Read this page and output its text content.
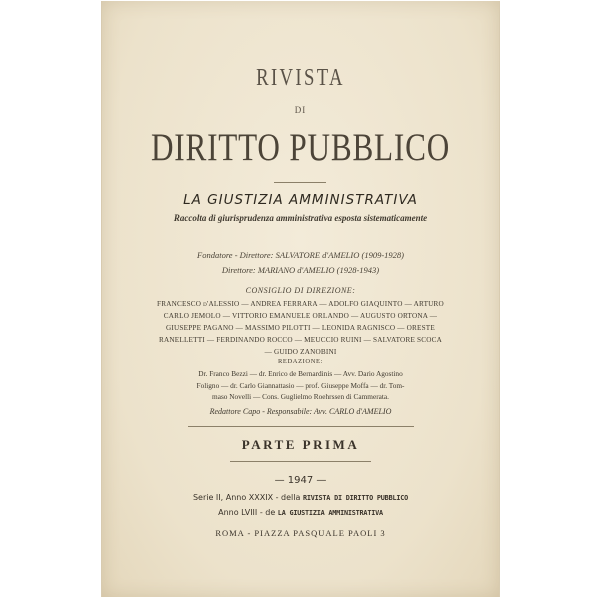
RIVISTA
DI
DIRITTO PUBBLICO
LA GIUSTIZIA AMMINISTRATIVA
Raccolta di giurisprudenza amministrativa esposta sistematicamente
Fondatore - Direttore: SALVATORE d'AMELIO (1909-1928)
Direttore: MARIANO d'AMELIO (1928-1943)
CONSIGLIO DI DIREZIONE:
FRANCESCO d'ALESSIO — ANDREA FERRARA — ADOLFO GIAQUINTO — ARTURO
CARLO JEMOLO — VITTORIO EMANUELE ORLANDO — AUGUSTO ORTONA —
GIUSEPPE PAGANO — MASSIMO PILOTTI — LEONIDA RAGNISCO — ORESTE
RANELLETTI — FERDINANDO ROCCO — MEUCCIO RUINI — SALVATORE SCOCA
— GUIDO ZANOBINI
REDAZIONE:
Dr. Franco Bezzi — dr. Enrico de Bernardinis — Avv. Dario Agostino
Foligno — dr. Carlo Giannattasio — prof. Giuseppe Moffa — dr. Tom-
maso Novelli — Cons. Guglielmo Roehrssen di Cammerata.
Redattore Capo - Responsabile: Avv. CARLO d'AMELIO
PARTE PRIMA
— 1947 —
Serie II, Anno XXXIX - della RIVISTA DI DIRITTO PUBBLICO
Anno LVIII - de LA GIUSTIZIA AMMINISTRATIVA
ROMA - PIAZZA PASQUALE PAOLI 3
